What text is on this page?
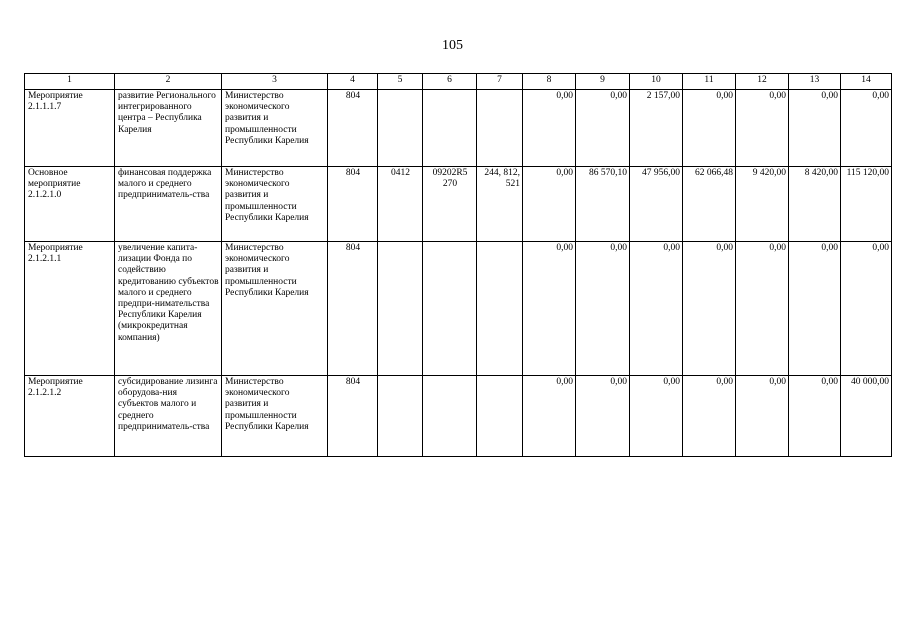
105
1	2	3	4	5	6	7	8	9	10	11	12	13	14
Мероприятие 2.1.1.1.7	развитие Регионального интегрированного центра – Республика Карелия	Министерство экономического развития и промышленности Республики Карелия	804				0,00	0,00	2 157,00	0,00	0,00	0,00	0,00
Основное мероприятие 2.1.2.1.0	финансовая поддержка малого и среднего предприниматель-ства	Министерство экономического развития и промышленности Республики Карелия	804	0412	09202R5 270	244, 812, 521	0,00	86 570,10	47 956,00	62 066,48	9 420,00	8 420,00	115 120,00
Мероприятие 2.1.2.1.1	увеличение капита-лизации Фонда по содействию кредитованию субъектов малого и среднего предпри-нимательства Республики Карелия (микрокредитная компания)	Министерство экономического развития и промышленности Республики Карелия	804				0,00	0,00	0,00	0,00	0,00	0,00	0,00
Мероприятие 2.1.2.1.2	субсидирование лизинга оборудова-ния субъектов малого и среднего предприниматель-ства	Министерство экономического развития и промышленности Республики Карелия	804				0,00	0,00	0,00	0,00	0,00	0,00	40 000,00
